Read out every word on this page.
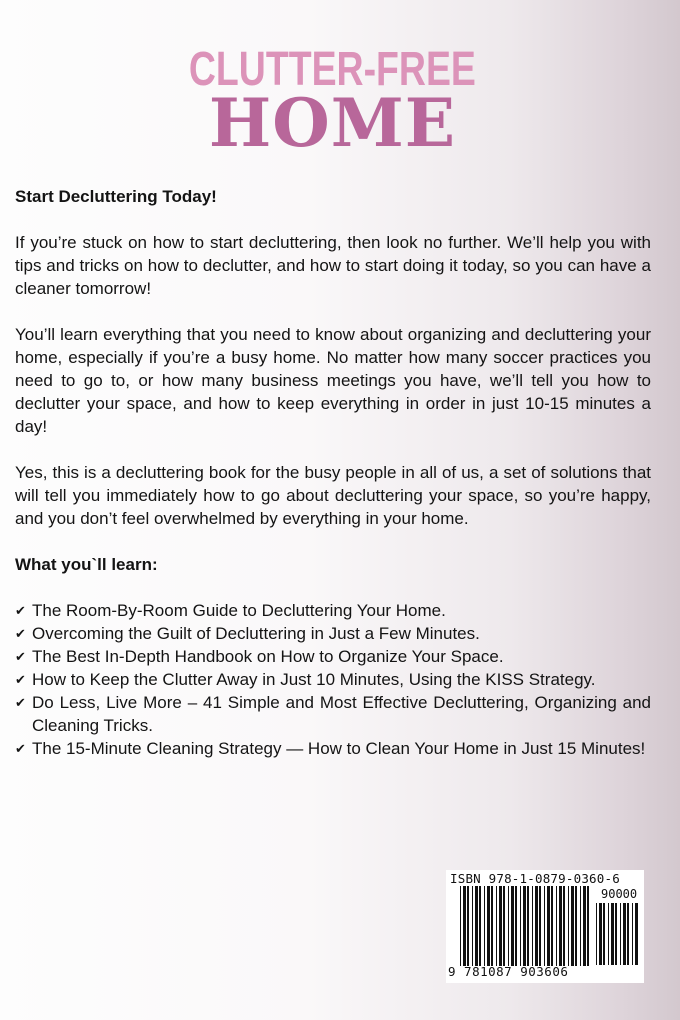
CLUTTER-FREE
HOME

Start Decluttering Today!

If you’re stuck on how to start decluttering, then look no further. We’ll help you with tips and tricks on how to declutter, and how to start doing it today, so you can have a cleaner tomorrow!

You’ll learn everything that you need to know about organizing and decluttering your home, especially if you’re a busy home. No matter how many soccer practices you need to go to, or how many business meetings you have, we’ll tell you how to declutter your space, and how to keep everything in order in just 10-15 minutes a day!

Yes, this is a decluttering book for the busy people in all of us, a set of solutions that will tell you immediately how to go about decluttering your space, so you’re happy, and you don’t feel overwhelmed by everything in your home.

What you`ll learn:

✔ The Room-By-Room Guide to Decluttering Your Home.
✔ Overcoming the Guilt of Decluttering in Just a Few Minutes.
✔ The Best In-Depth Handbook on How to Organize Your Space.
✔ How to Keep the Clutter Away in Just 10 Minutes, Using the KISS Strategy.
✔ Do Less, Live More – 41 Simple and Most Effective Decluttering, Organizing and Cleaning Tricks.
✔ The 15-Minute Cleaning Strategy — How to Clean Your Home in Just 15 Minutes!
ISBN 978-1-0879-0360-6
90000
9 781087 903606
